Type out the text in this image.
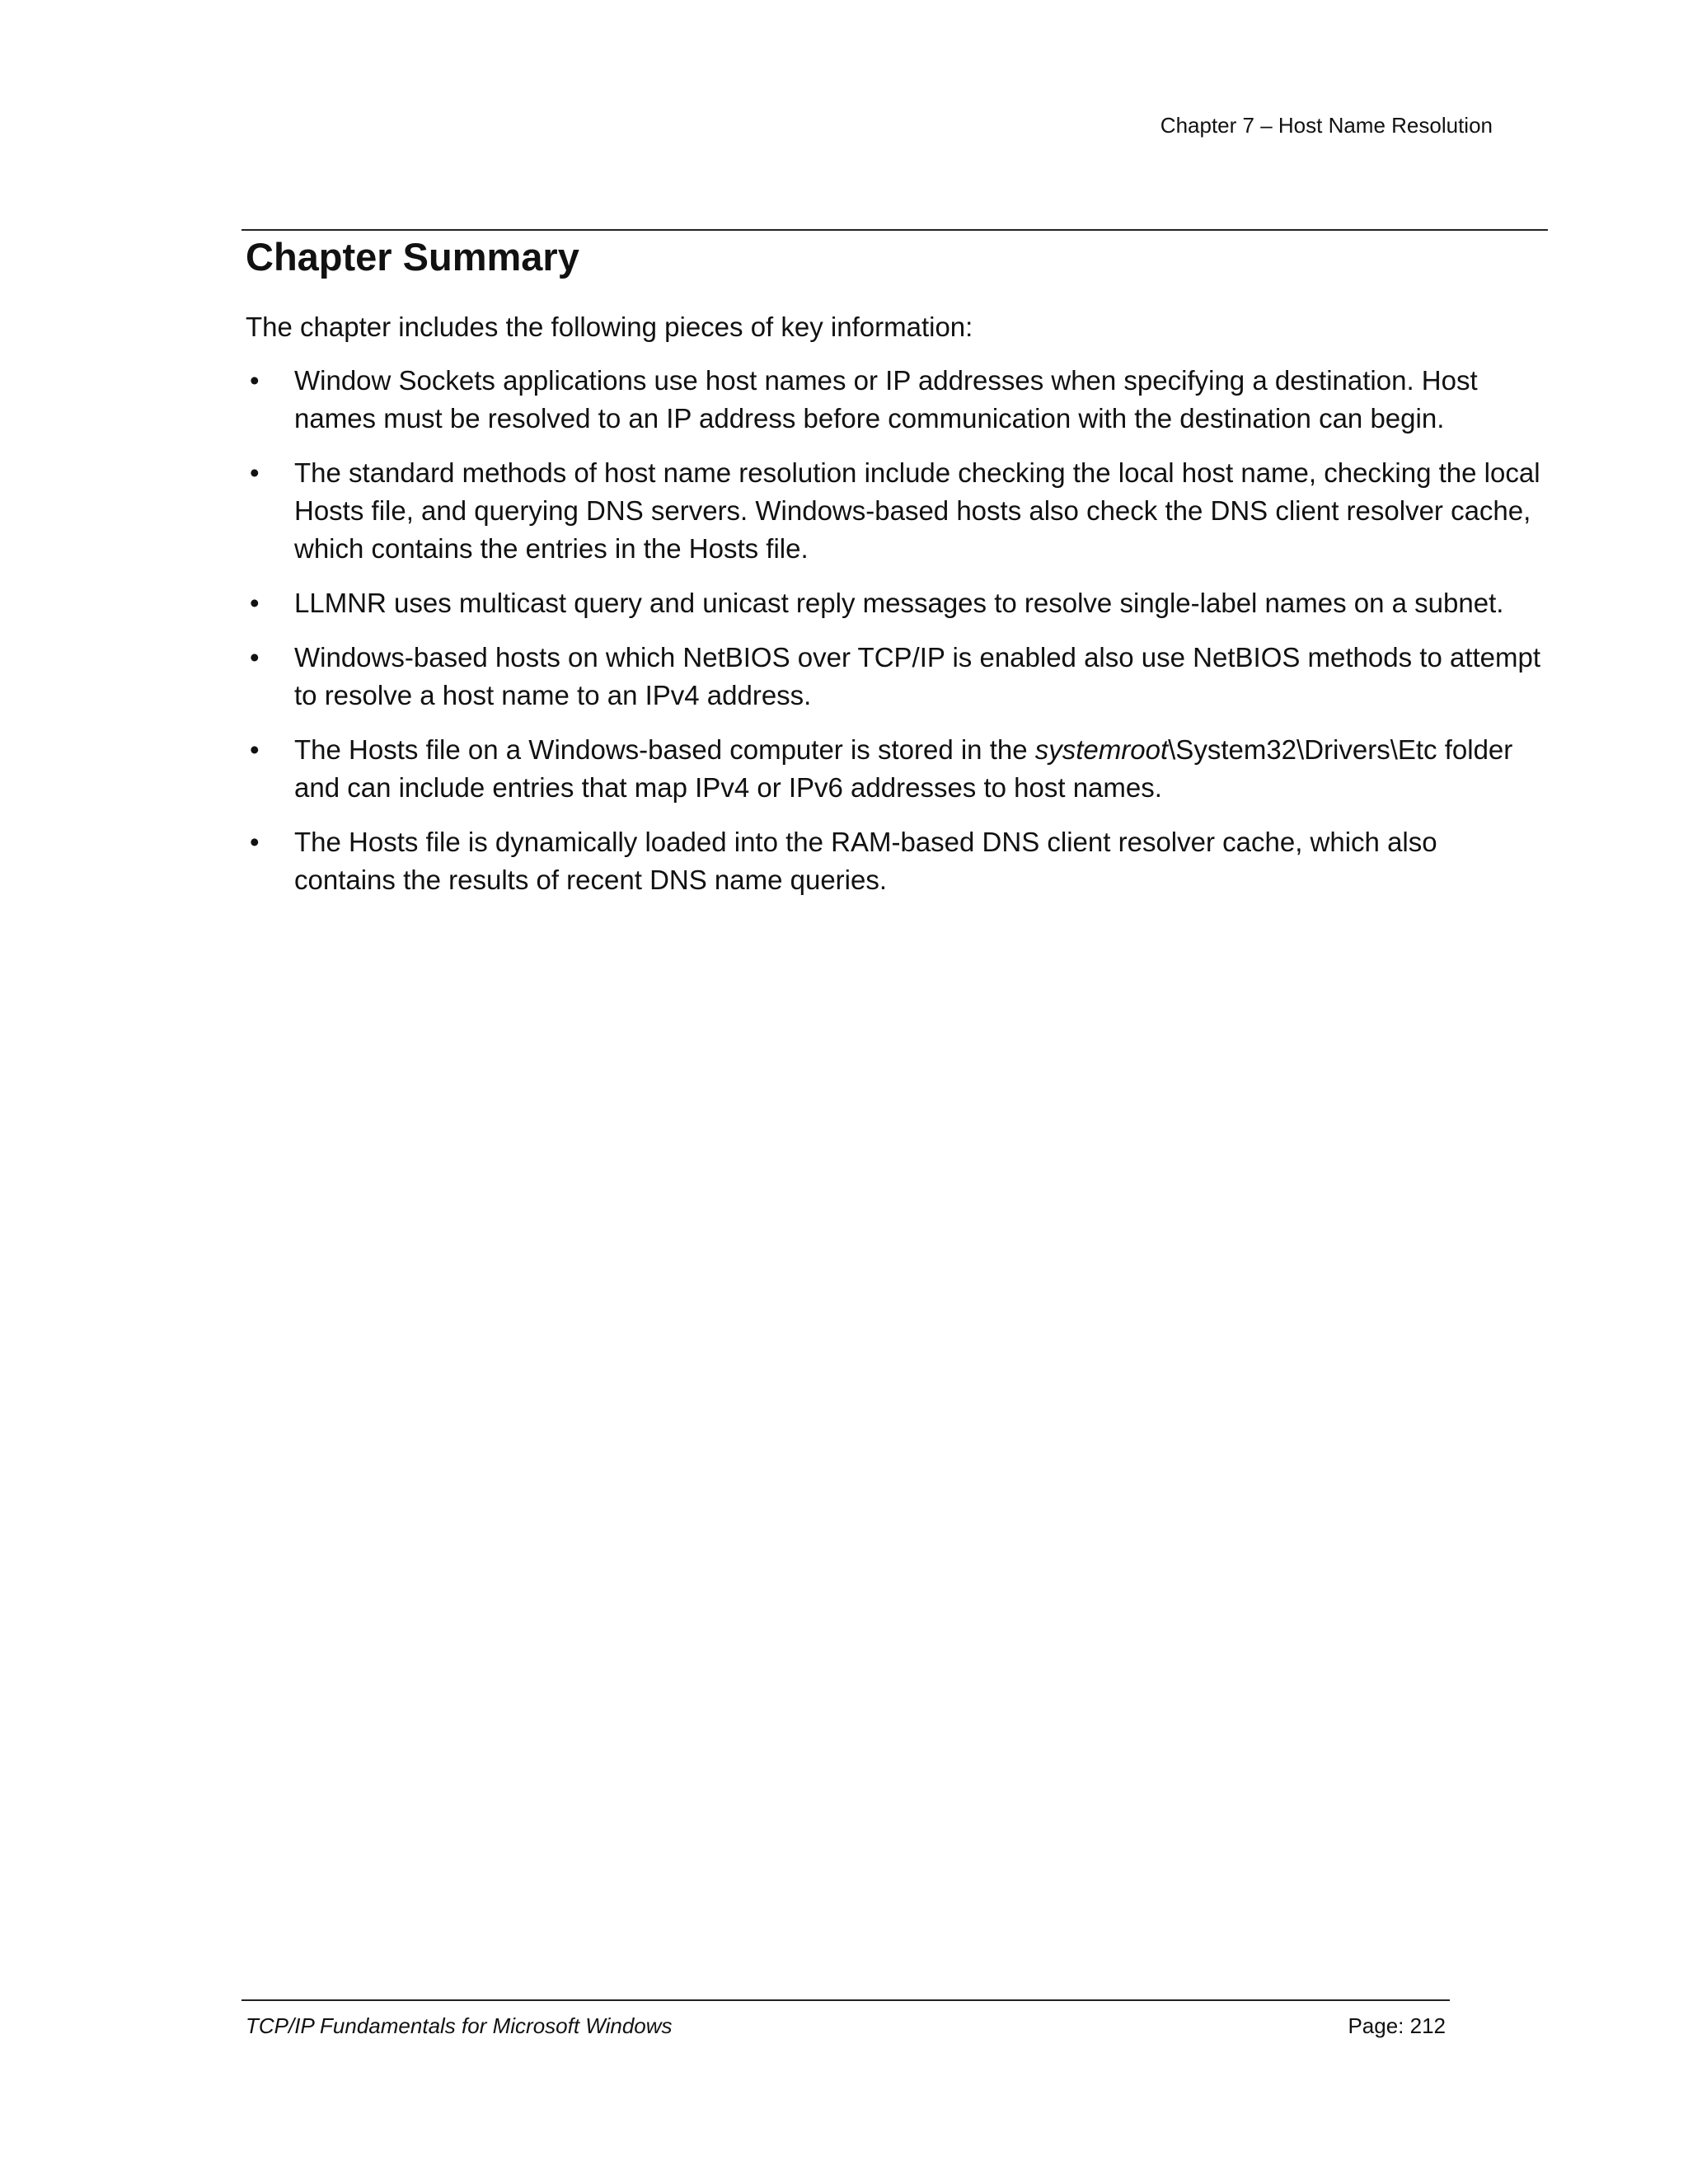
Chapter 7 – Host Name Resolution
Chapter Summary

The chapter includes the following pieces of key information:

• Window Sockets applications use host names or IP addresses when specifying a destination. Host
names must be resolved to an IP address before communication with the destination can begin.
• The standard methods of host name resolution include checking the local host name, checking the local
Hosts file, and querying DNS servers. Windows-based hosts also check the DNS client resolver cache,
which contains the entries in the Hosts file.
• LLMNR uses multicast query and unicast reply messages to resolve single-label names on a subnet.
• Windows-based hosts on which NetBIOS over TCP/IP is enabled also use NetBIOS methods to attempt
to resolve a host name to an IPv4 address.
• The Hosts file on a Windows-based computer is stored in the systemroot\System32\Drivers\Etc folder
and can include entries that map IPv4 or IPv6 addresses to host names.
• The Hosts file is dynamically loaded into the RAM-based DNS client resolver cache, which also
contains the results of recent DNS name queries.
TCP/IP Fundamentals for Microsoft Windows	Page: 212
